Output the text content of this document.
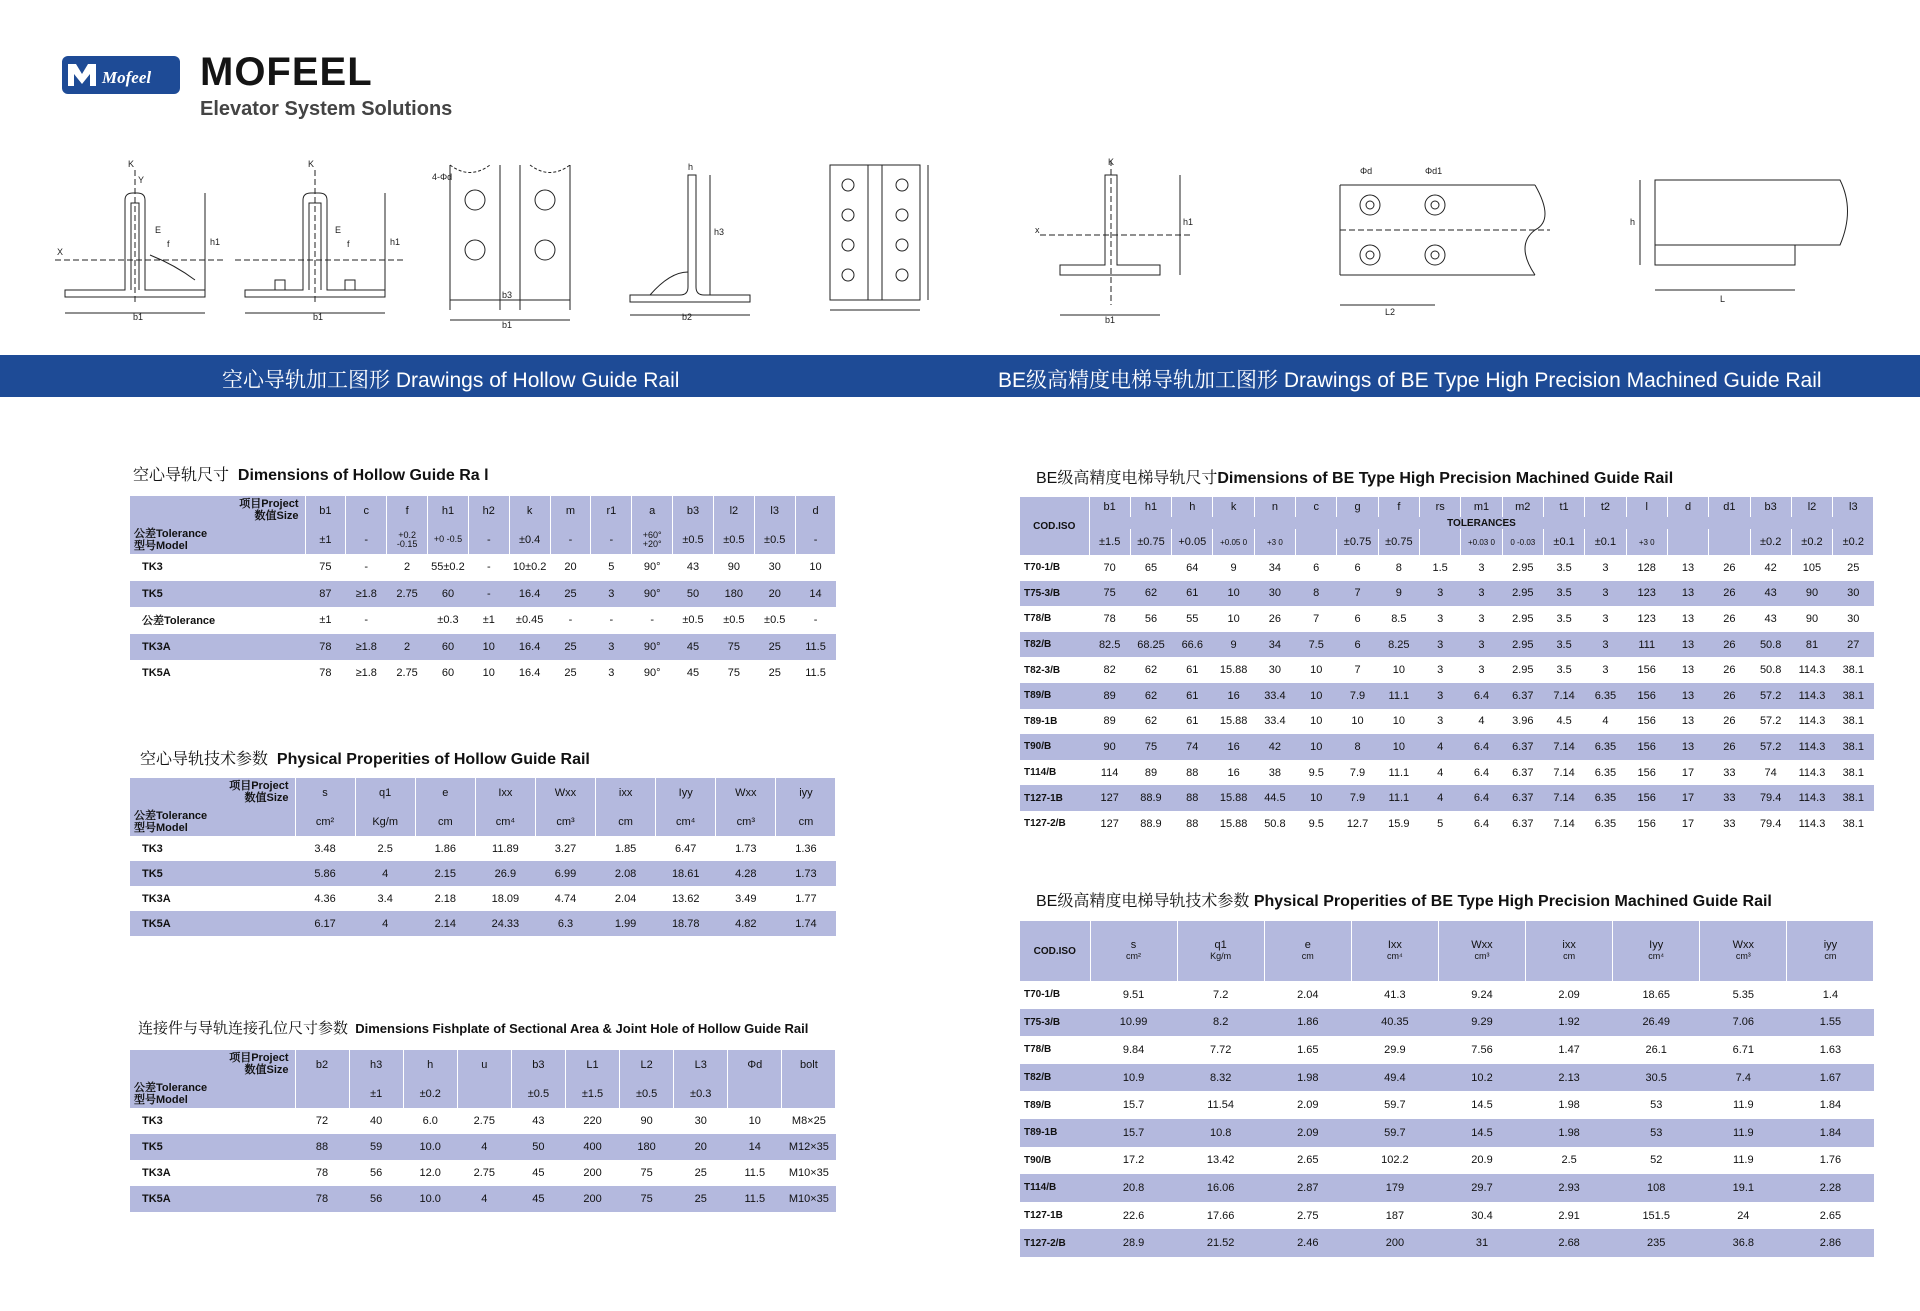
Mofeel MOFEEL
Elevator System Solutions
K
b1
h1
X
E
f
Y
K
b1
h1
E
f
4-Φd
b3
b1
h
h3
b2
K
b1
h1
x
Φd	Φd1
L2
h
L
空心导轨加工图形 Drawings of Hollow Guide Rail	BE级高精度电梯导轨加工图形 Drawings of BE Type High Precision Machined Guide Rail
空心导轨尺寸 Dimensions of Hollow Guide Ra l
空心导轨技术参数 Physical Properities of Hollow Guide Rail
连接件与导轨连接孔位尺寸参数 Dimensions Fishplate of Sectional Area & Joint Hole of Hollow Guide Rail
BE级高精度电梯导轨尺寸Dimensions of BE Type High Precision Machined Guide Rail
BE级高精度电梯导轨技术参数 Physical Properities of BE Type High Precision Machined Guide Rail
项目Project
数值Size
公差Tolerance
型号Model	b1	c	f	h1	h2	k	m	r1	a	b3	l2	l3	d
	±1	-	+0.2 -0.15	+0 -0.5	-	±0.4	-	-	+60° +20°	±0.5	±0.5	±0.5	-
TK3	75	-	2	55±0.2	-	10±0.2	20	5	90°	43	90	30	10
TK5	87	≥1.8	2.75	60	-	16.4	25	3	90°	50	180	20	14
公差Tolerance	±1	-		±0.3	±1	±0.45	-	-	-	±0.5	±0.5	±0.5	-
TK3A	78	≥1.8	2	60	10	16.4	25	3	90°	45	75	25	11.5
TK5A	78	≥1.8	2.75	60	10	16.4	25	3	90°	45	75	25	11.5
项目Project
数值Size
公差Tolerance
型号Model	s	q1	e	Ixx	Wxx	ixx	Iyy	Wxx	iyy
	cm²	Kg/m	cm	cm⁴	cm³	cm	cm⁴	cm³	cm
TK3	3.48	2.5	1.86	11.89	3.27	1.85	6.47	1.73	1.36
TK5	5.86	4	2.15	26.9	6.99	2.08	18.61	4.28	1.73
TK3A	4.36	3.4	2.18	18.09	4.74	2.04	13.62	3.49	1.77
TK5A	6.17	4	2.14	24.33	6.3	1.99	18.78	4.82	1.74
项目Project
数值Size
公差Tolerance
型号Model	b2	h3	h	u	b3	L1	L2	L3	Φd	bolt
		±1	±0.2		±0.5	±1.5	±0.5	±0.3		
TK3	72	40	6.0	2.75	43	220	90	30	10	M8×25
TK5	88	59	10.0	4	50	400	180	20	14	M12×35
TK3A	78	56	12.0	2.75	45	200	75	25	11.5	M10×35
TK5A	78	56	10.0	4	45	200	75	25	11.5	M10×35
COD.ISO	b1	h1	h	k	n	c	g	f	rs	m1	m2	t1	t2	l	d	d1	b3	l2	l3
	TOLERANCES																		
	±1.5	±0.75	+0.05	+0.05 0	+3 0		±0.75	±0.75		+0.03 0	0 -0.03	±0.1	±0.1	+3 0			±0.2	±0.2	±0.2
T70-1/B	70	65	64	9	34	6	6	8	1.5	3	2.95	3.5	3	128	13	26	42	105	25
T75-3/B	75	62	61	10	30	8	7	9	3	3	2.95	3.5	3	123	13	26	43	90	30
T78/B	78	56	55	10	26	7	6	8.5	3	3	2.95	3.5	3	123	13	26	43	90	30
T82/B	82.5	68.25	66.6	9	34	7.5	6	8.25	3	3	2.95	3.5	3	111	13	26	50.8	81	27
T82-3/B	82	62	61	15.88	30	10	7	10	3	3	2.95	3.5	3	156	13	26	50.8	114.3	38.1
T89/B	89	62	61	16	33.4	10	7.9	11.1	3	6.4	6.37	7.14	6.35	156	13	26	57.2	114.3	38.1
T89-1B	89	62	61	15.88	33.4	10	10	10	3	4	3.96	4.5	4	156	13	26	57.2	114.3	38.1
T90/B	90	75	74	16	42	10	8	10	4	6.4	6.37	7.14	6.35	156	13	26	57.2	114.3	38.1
T114/B	114	89	88	16	38	9.5	7.9	11.1	4	6.4	6.37	7.14	6.35	156	17	33	74	114.3	38.1
T127-1B	127	88.9	88	15.88	44.5	10	7.9	11.1	4	6.4	6.37	7.14	6.35	156	17	33	79.4	114.3	38.1
T127-2/B	127	88.9	88	15.88	50.8	9.5	12.7	15.9	5	6.4	6.37	7.14	6.35	156	17	33	79.4	114.3	38.1
COD.ISO	s	q1	e	Ixx	Wxx	ixx	Iyy	Wxx	iyy
	cm²	Kg/m	cm	cm⁴	cm³	cm	cm⁴	cm³	cm
T70-1/B	9.51	7.2	2.04	41.3	9.24	2.09	18.65	5.35	1.4
T75-3/B	10.99	8.2	1.86	40.35	9.29	1.92	26.49	7.06	1.55
T78/B	9.84	7.72	1.65	29.9	7.56	1.47	26.1	6.71	1.63
T82/B	10.9	8.32	1.98	49.4	10.2	2.13	30.5	7.4	1.67
T89/B	15.7	11.54	2.09	59.7	14.5	1.98	53	11.9	1.84
T89-1B	15.7	10.8	2.09	59.7	14.5	1.98	53	11.9	1.84
T90/B	17.2	13.42	2.65	102.2	20.9	2.5	52	11.9	1.76
T114/B	20.8	16.06	2.87	179	29.7	2.93	108	19.1	2.28
T127-1B	22.6	17.66	2.75	187	30.4	2.91	151.5	24	2.65
T127-2/B	28.9	21.52	2.46	200	31	2.68	235	36.8	2.86
